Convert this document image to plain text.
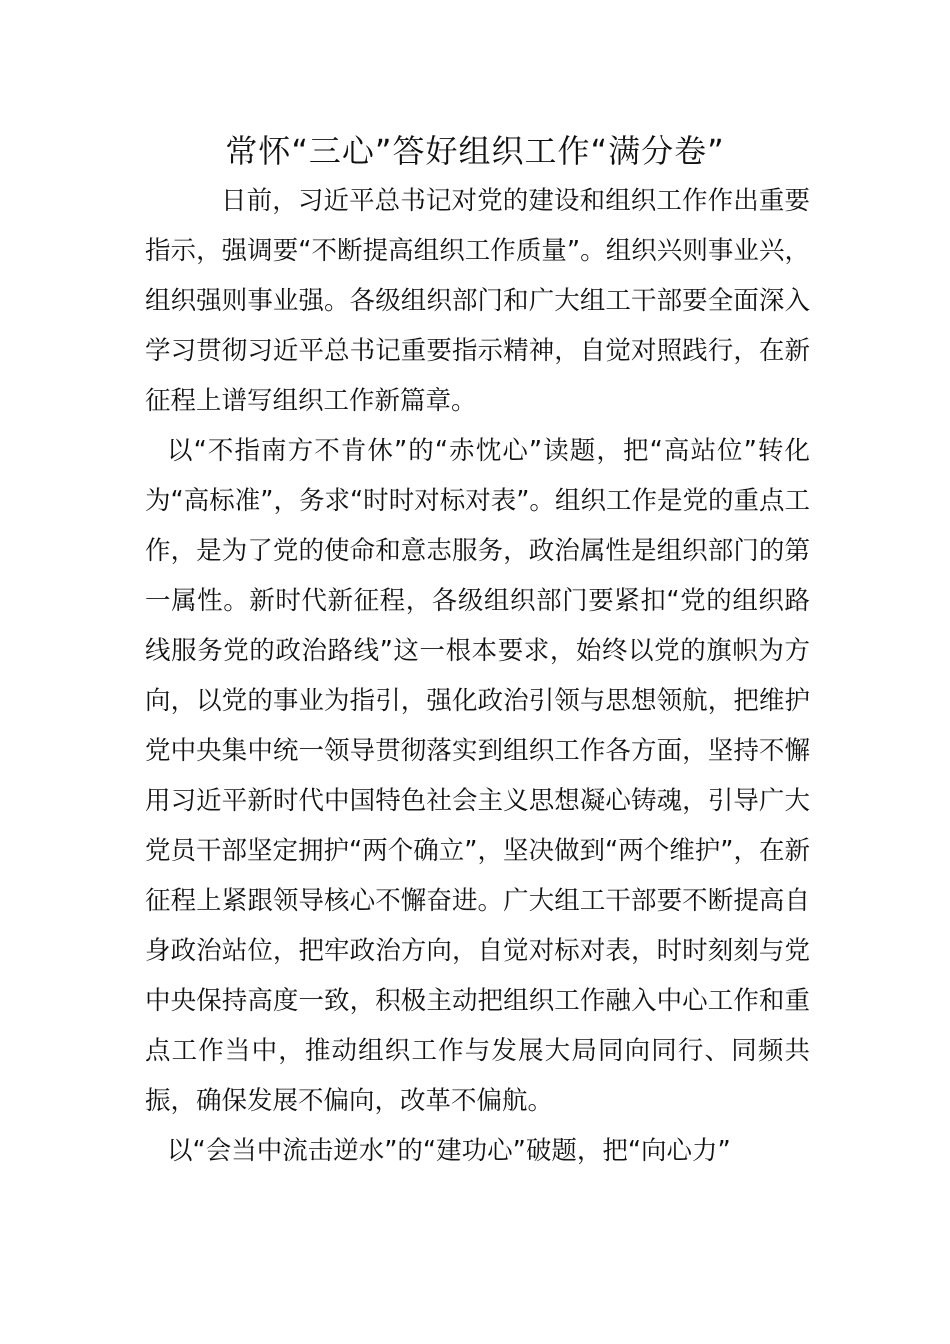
常怀“三心”答好组织工作“满分卷”

日前，习近平总书记对党的建设和组织工作作出重要指示，强调要“不断提高组织工作质量”。组织兴则事业兴，组织强则事业强。各级组织部门和广大组工干部要全面深入学习贯彻习近平总书记重要指示精神，自觉对照践行，在新征程上谱写组织工作新篇章。

以“不指南方不肯休”的“赤忱心”读题，把“高站位”转化为“高标准”，务求“时时对标对表”。组织工作是党的重点工作，是为了党的使命和意志服务，政治属性是组织部门的第一属性。新时代新征程，各级组织部门要紧扣“党的组织路线服务党的政治路线”这一根本要求，始终以党的旗帜为方向，以党的事业为指引，强化政治引领与思想领航，把维护党中央集中统一领导贯彻落实到组织工作各方面，坚持不懈用习近平新时代中国特色社会主义思想凝心铸魂，引导广大党员干部坚定拥护“两个确立”，坚决做到“两个维护”，在新征程上紧跟领导核心不懈奋进。广大组工干部要不断提高自身政治站位，把牢政治方向，自觉对标对表，时时刻刻与党中央保持高度一致，积极主动把组织工作融入中心工作和重点工作当中，推动组织工作与发展大局同向同行、同频共振，确保发展不偏向，改革不偏航。

以“会当中流击逆水”的“建功心”破题，把“向心力”
